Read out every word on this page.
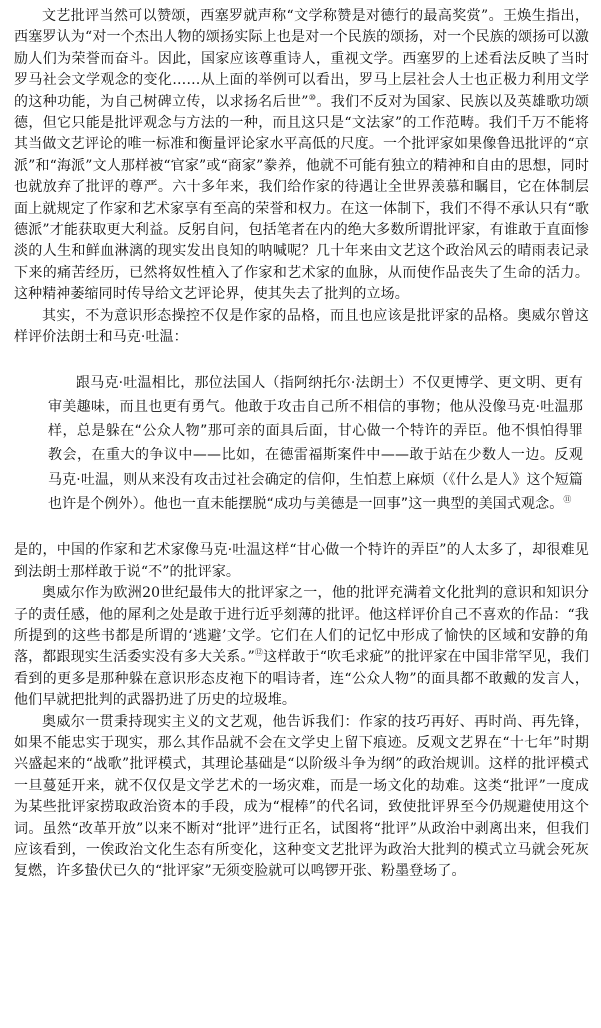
文艺批评当然可以赞颂，西塞罗就声称“文学称赞是对德行的最高奖赏”。王焕生指出，西塞罗认为“对一个杰出人物的颂扬实际上也是对一个民族的颂扬，对一个民族的颂扬可以激励人们为荣誉而奋斗。因此，国家应该尊重诗人，重视文学。西塞罗的上述看法反映了当时罗马社会文学观念的变化……从上面的举例可以看出，罗马上层社会人士也正极力利用文学的这种功能，为自己树碑立传，以求扬名后世”⑩。我们不反对为国家、民族以及英雄歌功颂德，但它只能是批评观念与方法的一种，而且这只是“文法家”的工作范畴。我们千万不能将其当做文艺评论的唯一标准和衡量评论家水平高低的尺度。一个批评家如果像鲁迅批评的“京派”和“海派”文人那样被“官家”或“商家”豢养，他就不可能有独立的精神和自由的思想，同时也就放弃了批评的尊严。六十多年来，我们给作家的待遇让全世界羡慕和瞩目，它在体制层面上就规定了作家和艺术家享有至高的荣誉和权力。在这一体制下，我们不得不承认只有“歌德派”才能获取更大利益。反躬自问，包括笔者在内的绝大多数所谓批评家，有谁敢于直面惨淡的人生和鲜血淋漓的现实发出良知的呐喊呢？几十年来由文艺这个政治风云的晴雨表记录下来的痛苦经历，已然将奴性植入了作家和艺术家的血脉，从而使作品丧失了生命的活力。这种精神萎缩同时传导给文艺评论界，使其失去了批判的立场。

其实，不为意识形态操控不仅是作家的品格，而且也应该是批评家的品格。奥威尔曾这样评价法朗士和马克·吐温：

跟马克·吐温相比，那位法国人（指阿纳托尔·法朗士）不仅更博学、更文明、更有审美趣味，而且也更有勇气。他敢于攻击自己所不相信的事物；他从没像马克·吐温那样，总是躲在“公众人物”那可亲的面具后面，甘心做一个特许的弄臣。他不惧怕得罪教会，在重大的争议中——比如，在德雷福斯案件中——敢于站在少数人一边。反观马克·吐温，则从来没有攻击过社会确定的信仰，生怕惹上麻烦（《什么是人》这个短篇也许是个例外）。他也一直未能摆脱“成功与美德是一回事”这一典型的美国式观念。⑪

是的，中国的作家和艺术家像马克·吐温这样“甘心做一个特许的弄臣”的人太多了，却很难见到法朗士那样敢于说“不”的批评家。

奥威尔作为欧洲20世纪最伟大的批评家之一，他的批评充满着文化批判的意识和知识分子的责任感，他的犀利之处是敢于进行近乎刻薄的批评。他这样评价自己不喜欢的作品：“我所提到的这些书都是所谓的‘逃避’文学。它们在人们的记忆中形成了愉快的区域和安静的角落，都跟现实生活委实没有多大关系。”⑫这样敢于“吹毛求疵”的批评家在中国非常罕见，我们看到的更多是那种躲在意识形态皮袍下的唱诗者，连“公众人物”的面具都不敢戴的发言人，他们早就把批判的武器扔进了历史的垃圾堆。

奥威尔一贯秉持现实主义的文艺观，他告诉我们：作家的技巧再好、再时尚、再先锋，如果不能忠实于现实，那么其作品就不会在文学史上留下痕迹。反观文艺界在“十七年”时期兴盛起来的“战歌”批评模式，其理论基础是“以阶级斗争为纲”的政治规训。这样的批评模式一旦蔓延开来，就不仅仅是文学艺术的一场灾难，而是一场文化的劫难。这类“批评”一度成为某些批评家捞取政治资本的手段，成为“棍棒”的代名词，致使批评界至今仍规避使用这个词。虽然“改革开放”以来不断对“批评”进行正名，试图将“批评”从政治中剥离出来，但我们应该看到，一俟政治文化生态有所变化，这种变文艺批评为政治大批判的模式立马就会死灰复燃，许多蛰伏已久的“批评家”无须变脸就可以鸣锣开张、粉墨登场了。
